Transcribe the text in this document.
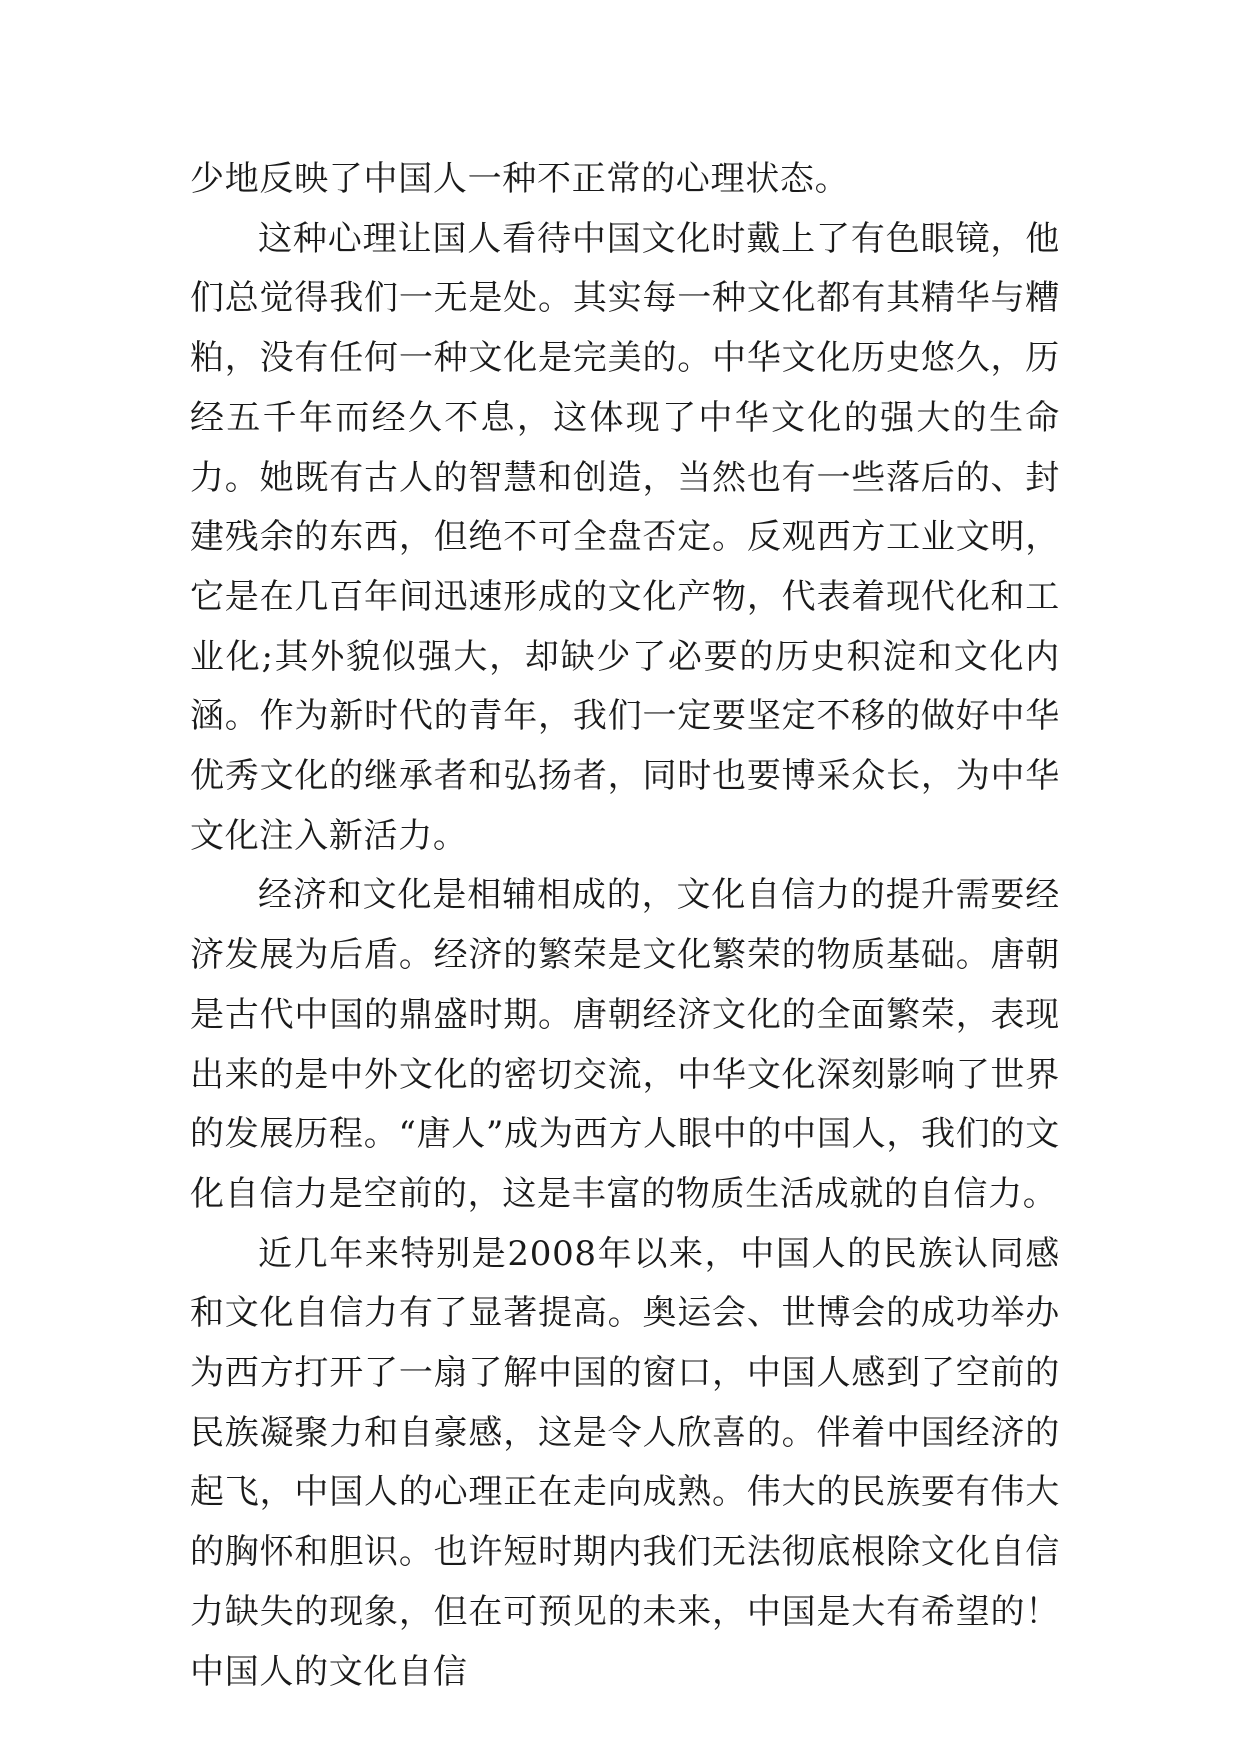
少地反映了中国人一种不正常的心理状态。

这种心理让国人看待中国文化时戴上了有色眼镜，他们总觉得我们一无是处。其实每一种文化都有其精华与糟粕，没有任何一种文化是完美的。中华文化历史悠久，历经五千年而经久不息，这体现了中华文化的强大的生命力。她既有古人的智慧和创造，当然也有一些落后的、封建残余的东西，但绝不可全盘否定。反观西方工业文明，它是在几百年间迅速形成的文化产物，代表着现代化和工业化;其外貌似强大，却缺少了必要的历史积淀和文化内涵。作为新时代的青年，我们一定要坚定不移的做好中华优秀文化的继承者和弘扬者，同时也要博采众长，为中华文化注入新活力。

经济和文化是相辅相成的，文化自信力的提升需要经济发展为后盾。经济的繁荣是文化繁荣的物质基础。唐朝是古代中国的鼎盛时期。唐朝经济文化的全面繁荣，表现出来的是中外文化的密切交流，中华文化深刻影响了世界的发展历程。“唐人”成为西方人眼中的中国人，我们的文化自信力是空前的，这是丰富的物质生活成就的自信力。

近几年来特别是2008年以来，中国人的民族认同感和文化自信力有了显著提高。奥运会、世博会的成功举办为西方打开了一扇了解中国的窗口，中国人感到了空前的民族凝聚力和自豪感，这是令人欣喜的。伴着中国经济的起飞，中国人的心理正在走向成熟。伟大的民族要有伟大的胸怀和胆识。也许短时期内我们无法彻底根除文化自信力缺失的现象，但在可预见的未来，中国是大有希望的！中国人的文化自信
